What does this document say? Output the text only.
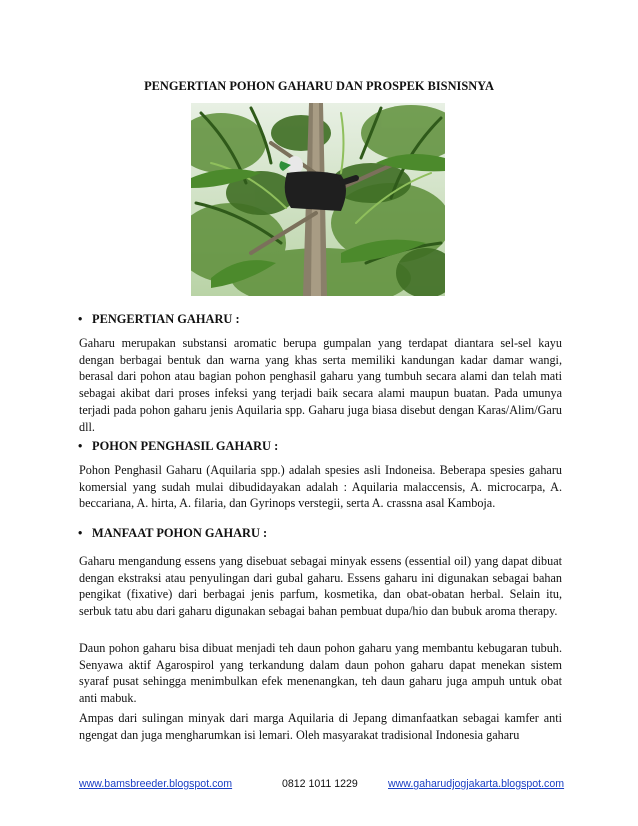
PENGERTIAN POHON GAHARU DAN PROSPEK BISNISNYA
• PENGERTIAN GAHARU :

Gaharu merupakan substansi aromatic berupa gumpalan yang terdapat diantara sel-sel kayu dengan berbagai bentuk dan warna yang khas serta memiliki kandungan kadar damar wangi, berasal dari pohon atau bagian pohon penghasil gaharu yang tumbuh secara alami dan telah mati sebagai akibat dari proses infeksi yang terjadi baik secara alami maupun buatan. Pada umunya terjadi pada pohon gaharu jenis Aquilaria spp. Gaharu juga biasa disebut dengan Karas/Alim/Garu dll.

• POHON PENGHASIL GAHARU :

Pohon Penghasil Gaharu (Aquilaria spp.) adalah spesies asli Indoneisa. Beberapa spesies gaharu komersial yang sudah mulai dibudidayakan adalah : Aquilaria malaccensis, A. microcarpa, A. beccariana, A. hirta, A. filaria, dan Gyrinops verstegii, serta A. crassna asal Kamboja.

• MANFAAT POHON GAHARU :

Gaharu mengandung essens yang disebuat sebagai minyak essens (essential oil) yang dapat dibuat dengan ekstraksi atau penyulingan dari gubal gaharu. Essens gaharu ini digunakan sebagai bahan pengikat (fixative) dari berbagai jenis parfum, kosmetika, dan obat-obatan herbal. Selain itu, serbuk tatu abu dari gaharu digunakan sebagai bahan pembuat dupa/hio dan bubuk aroma therapy.

Daun pohon gaharu bisa dibuat menjadi teh daun pohon gaharu yang membantu kebugaran tubuh. Senyawa aktif Agarospirol yang terkandung dalam daun pohon gaharu dapat menekan sistem syaraf pusat sehingga menimbulkan efek menenangkan, teh daun gaharu juga ampuh untuk obat anti mabuk.

Ampas dari sulingan minyak dari marga Aquilaria di Jepang dimanfaatkan sebagai kamfer anti ngengat dan juga mengharumkan isi lemari. Oleh masyarakat tradisional Indonesia gaharu

www.bamsbreeder.blogspot.com	0812 1011 1229	www.gaharudjogjakarta.blogspot.com
